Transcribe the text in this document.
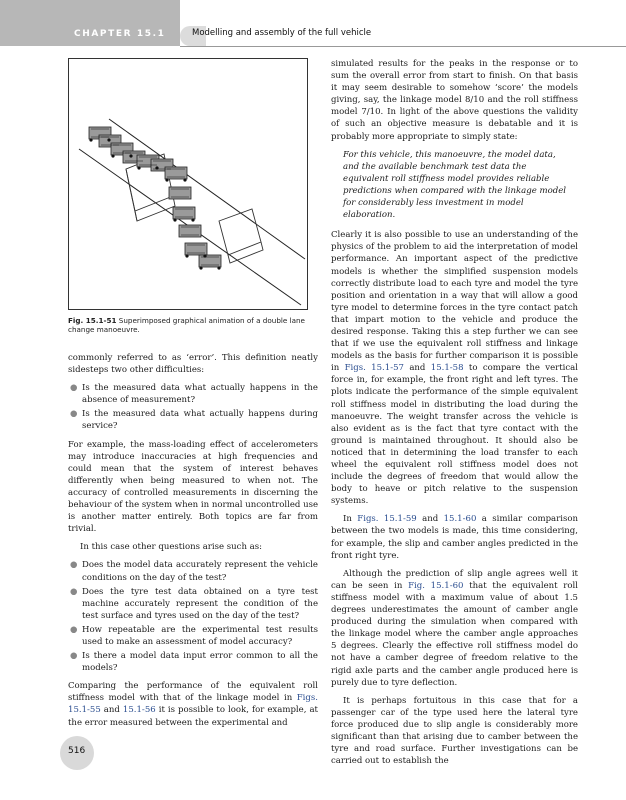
CHAPTER 15.1	Modelling and assembly of the full vehicle
Fig. 15.1-51 Superimposed graphical animation of a double lane change manoeuvre.

commonly referred to as ‘error’. This definition neatly sidesteps two other difficulties:

● Is the measured data what actually happens in the absence of measurement?
● Is the measured data what actually happens during service?

For example, the mass-loading effect of accelerometers may introduce inaccuracies at high frequencies and could mean that the system of interest behaves differently when being measured to when not. The accuracy of controlled measurements in discerning the behaviour of the system when in normal uncontrolled use is another matter entirely. Both topics are far from trivial.

In this case other questions arise such as:

● Does the model data accurately represent the vehicle conditions on the day of the test?
● Does the tyre test data obtained on a tyre test machine accurately represent the condition of the test surface and tyres used on the day of the test?
● How repeatable are the experimental test results used to make an assessment of model accuracy?
● Is there a model data input error common to all the models?

Comparing the performance of the equivalent roll stiffness model with that of the linkage model in Figs. 15.1-55 and 15.1-56 it is possible to look, for example, at the error measured between the experimental and

simulated results for the peaks in the response or to sum the overall error from start to finish. On that basis it may seem desirable to somehow ‘score’ the models giving, say, the linkage model 8/10 and the roll stiffness model 7/10. In light of the above questions the validity of such an objective measure is debatable and it is probably more appropriate to simply state:

For this vehicle, this manoeuvre, the model data, and the available benchmark test data the equivalent roll stiffness model provides reliable predictions when compared with the linkage model for considerably less investment in model elaboration.

Clearly it is also possible to use an understanding of the physics of the problem to aid the interpretation of model performance. An important aspect of the predictive models is whether the simplified suspension models correctly distribute load to each tyre and model the tyre position and orientation in a way that will allow a good tyre model to determine forces in the tyre contact patch that impart motion to the vehicle and produce the desired response. Taking this a step further we can see that if we use the equivalent roll stiffness and linkage models as the basis for further comparison it is possible in Figs. 15.1-57 and 15.1-58 to compare the vertical force in, for example, the front right and left tyres. The plots indicate the performance of the simple equivalent roll stiffness model in distributing the load during the manoeuvre. The weight transfer across the vehicle is also evident as is the fact that tyre contact with the ground is maintained throughout. It should also be noticed that in determining the load transfer to each wheel the equivalent roll stiffness model does not include the degrees of freedom that would allow the body to heave or pitch relative to the suspension systems.

In Figs. 15.1-59 and 15.1-60 a similar comparison between the two models is made, this time considering, for example, the slip and camber angles predicted in the front right tyre.

Although the prediction of slip angle agrees well it can be seen in Fig. 15.1-60 that the equivalent roll stiffness model with a maximum value of about 1.5 degrees underestimates the amount of camber angle produced during the simulation when compared with the linkage model where the camber angle approaches 5 degrees. Clearly the effective roll stiffness model do not have a camber degree of freedom relative to the rigid axle parts and the camber angle produced here is purely due to tyre deflection.

It is perhaps fortuitous in this case that for a passenger car of the type used here the lateral tyre force produced due to slip angle is considerably more significant than that arising due to camber between the tyre and road surface. Further investigations can be carried out to establish the

516
